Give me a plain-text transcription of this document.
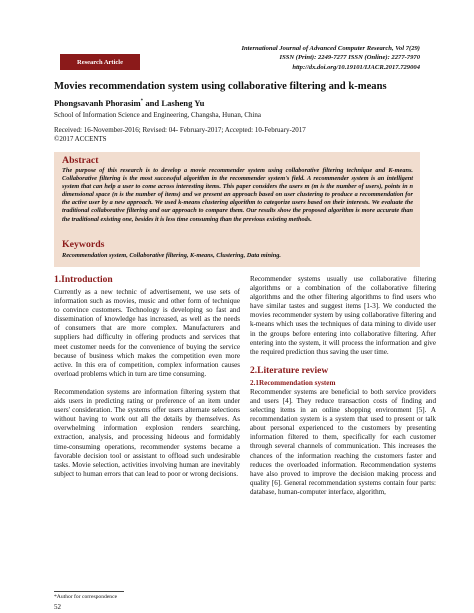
Research Article
International Journal of Advanced Computer Research, Vol 7(29)
ISSN (Print): 2249-7277 ISSN (Online): 2277-7970
http://dx.doi.org/10.19101/IJACR.2017.729004
Movies recommendation system using collaborative filtering and k-means
Phongsavanh Phorasim* and Lasheng Yu
School of Information Science and Engineering, Changsha, Hunan, China
Received: 16-November-2016; Revised: 04- February-2017; Accepted: 10-February-2017
©2017 ACCENTS
Abstract
The purpose of this research is to develop a movie recommender system using collaborative filtering technique and K-means. Collaborative filtering is the most successful algorithm in the recommender system's field. A recommender system is an intelligent system that can help a user to come across interesting items. This paper considers the users m (m is the number of users), points in n dimensional space (n is the number of items) and we present an approach based on user clustering to produce a recommendation for the active user by a new approach. We used k-means clustering algorithm to categorize users based on their interests. We evaluate the traditional collaborative filtering and our approach to compare them. Our results show the proposed algorithm is more accurate than the traditional existing one, besides it is less time consuming than the previous existing methods.
Keywords
Recommendation system, Collaborative filtering, K-means, Clustering, Data mining.
1.Introduction

Currently as a new technic of advertisement, we use sets of information such as movies, music and other form of technique to convince customers. Technology is developing so fast and dissemination of knowledge has increased, as well as the needs of consumers that are more complex. Manufacturers and suppliers had difficulty in offering products and services that meet customer needs for the convenience of buying the service because of business which makes the competition even more active. In this era of competition, complex information causes overload problems which in turn are time consuming.

Recommendation systems are information filtering system that aids users in predicting rating or preference of an item under users' consideration. The systems offer users alternate selections without having to work out all the details by themselves. As overwhelming information explosion renders searching, extraction, analysis, and processing hideous and formidably time-consuming operations, recommender systems became a favorable decision tool or assistant to offload such undesirable tasks. Movie selection, activities involving human are inevitably subject to human errors that can lead to poor or wrong decisions.

Recommender systems usually use collaborative filtering algorithms or a combination of the collaborative filtering algorithms and the other filtering algorithms to find users who have similar tastes and suggest items [1-3]. We conducted the movies recommender system by using collaborative filtering and k-means which uses the techniques of data mining to divide user in the groups before entering into collaborative filtering. After entering into the system, it will process the information and give the required prediction thus saving the user time.

2.Literature review
2.1Recommendation system

Recommender systems are beneficial to both service providers and users [4]. They reduce transaction costs of finding and selecting items in an online shopping environment [5]. A recommendation system is a system that used to present or talk about personal experienced to the customers by presenting information filtered to them, specifically for each customer through several channels of communication. This increases the chances of the information reaching the customers faster and reduces the overloaded information. Recommendation systems have also proved to improve the decision making process and quality [6]. General recommendation systems contain four parts: database, human-computer interface, algorithm,

*Author for correspondence
52
